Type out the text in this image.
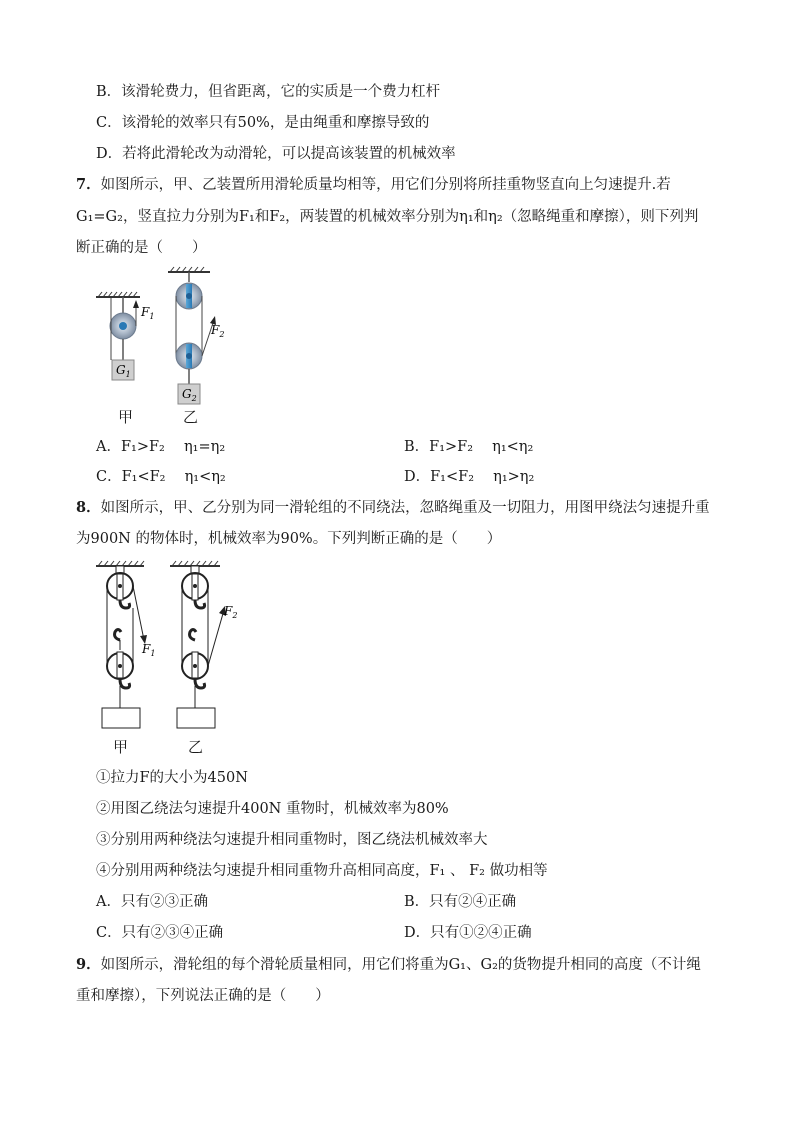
B．该滑轮费力，但省距离，它的实质是一个费力杠杆
C．该滑轮的效率只有50%，是由绳重和摩擦导致的
D．若将此滑轮改为动滑轮，可以提高该装置的机械效率
7．如图所示，甲、乙装置所用滑轮质量均相等，用它们分别将所挂重物竖直向上匀速提升.若
G₁=G₂，竖直拉力分别为F₁和F₂，两装置的机械效率分别为η₁和η₂（忽略绳重和摩擦），则下列判
断正确的是（　　）
$F_1$
$F_2$
$G_1$
$G_2$
甲	乙
A．F₁>F₂　 η₁=η₂	B．F₁>F₂　 η₁<η₂
C．F₁<F₂　 η₁<η₂	D．F₁<F₂　 η₁>η₂
8．如图所示，甲、乙分别为同一滑轮组的不同绕法，忽略绳重及一切阻力，用图甲绕法匀速提升重
为900N 的物体时，机械效率为90%。下列判断正确的是（　　）
$F_1$
$F_2$
甲	乙
①拉力F的大小为450N
②用图乙绕法匀速提升400N 重物时，机械效率为80%
③分别用两种绕法匀速提升相同重物时，图乙绕法机械效率大
④分别用两种绕法匀速提升相同重物升高相同高度，F₁ 、 F₂ 做功相等
A．只有②③正确	B．只有②④正确
C．只有②③④正确	D．只有①②④正确
9．如图所示，滑轮组的每个滑轮质量相同，用它们将重为G₁、G₂的货物提升相同的高度（不计绳
重和摩擦），下列说法正确的是（　　）
